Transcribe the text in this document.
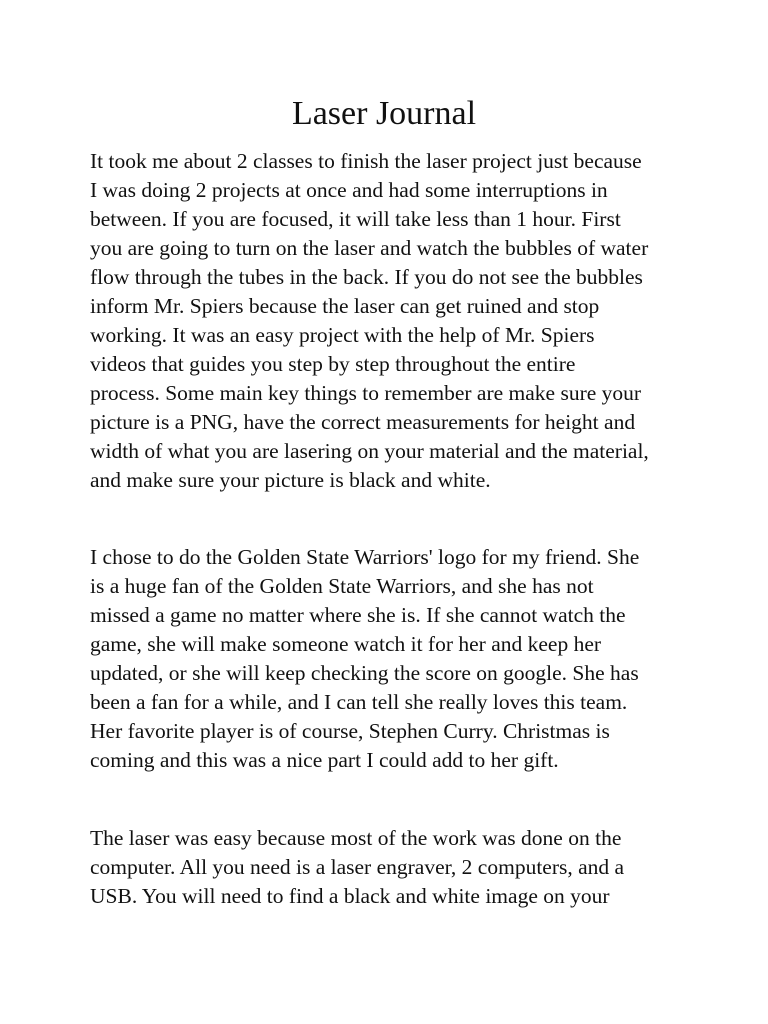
Laser Journal

It took me about 2 classes to finish the laser project just because
I was doing 2 projects at once and had some interruptions in
between. If you are focused, it will take less than 1 hour. First
you are going to turn on the laser and watch the bubbles of water
flow through the tubes in the back. If you do not see the bubbles
inform Mr. Spiers because the laser can get ruined and stop
working. It was an easy project with the help of Mr. Spiers
videos that guides you step by step throughout the entire
process. Some main key things to remember are make sure your
picture is a PNG, have the correct measurements for height and
width of what you are lasering on your material and the material,
and make sure your picture is black and white.

I chose to do the Golden State Warriors' logo for my friend. She
is a huge fan of the Golden State Warriors, and she has not
missed a game no matter where she is. If she cannot watch the
game, she will make someone watch it for her and keep her
updated, or she will keep checking the score on google. She has
been a fan for a while, and I can tell she really loves this team.
Her favorite player is of course, Stephen Curry. Christmas is
coming and this was a nice part I could add to her gift.

The laser was easy because most of the work was done on the
computer. All you need is a laser engraver, 2 computers, and a
USB. You will need to find a black and white image on your
